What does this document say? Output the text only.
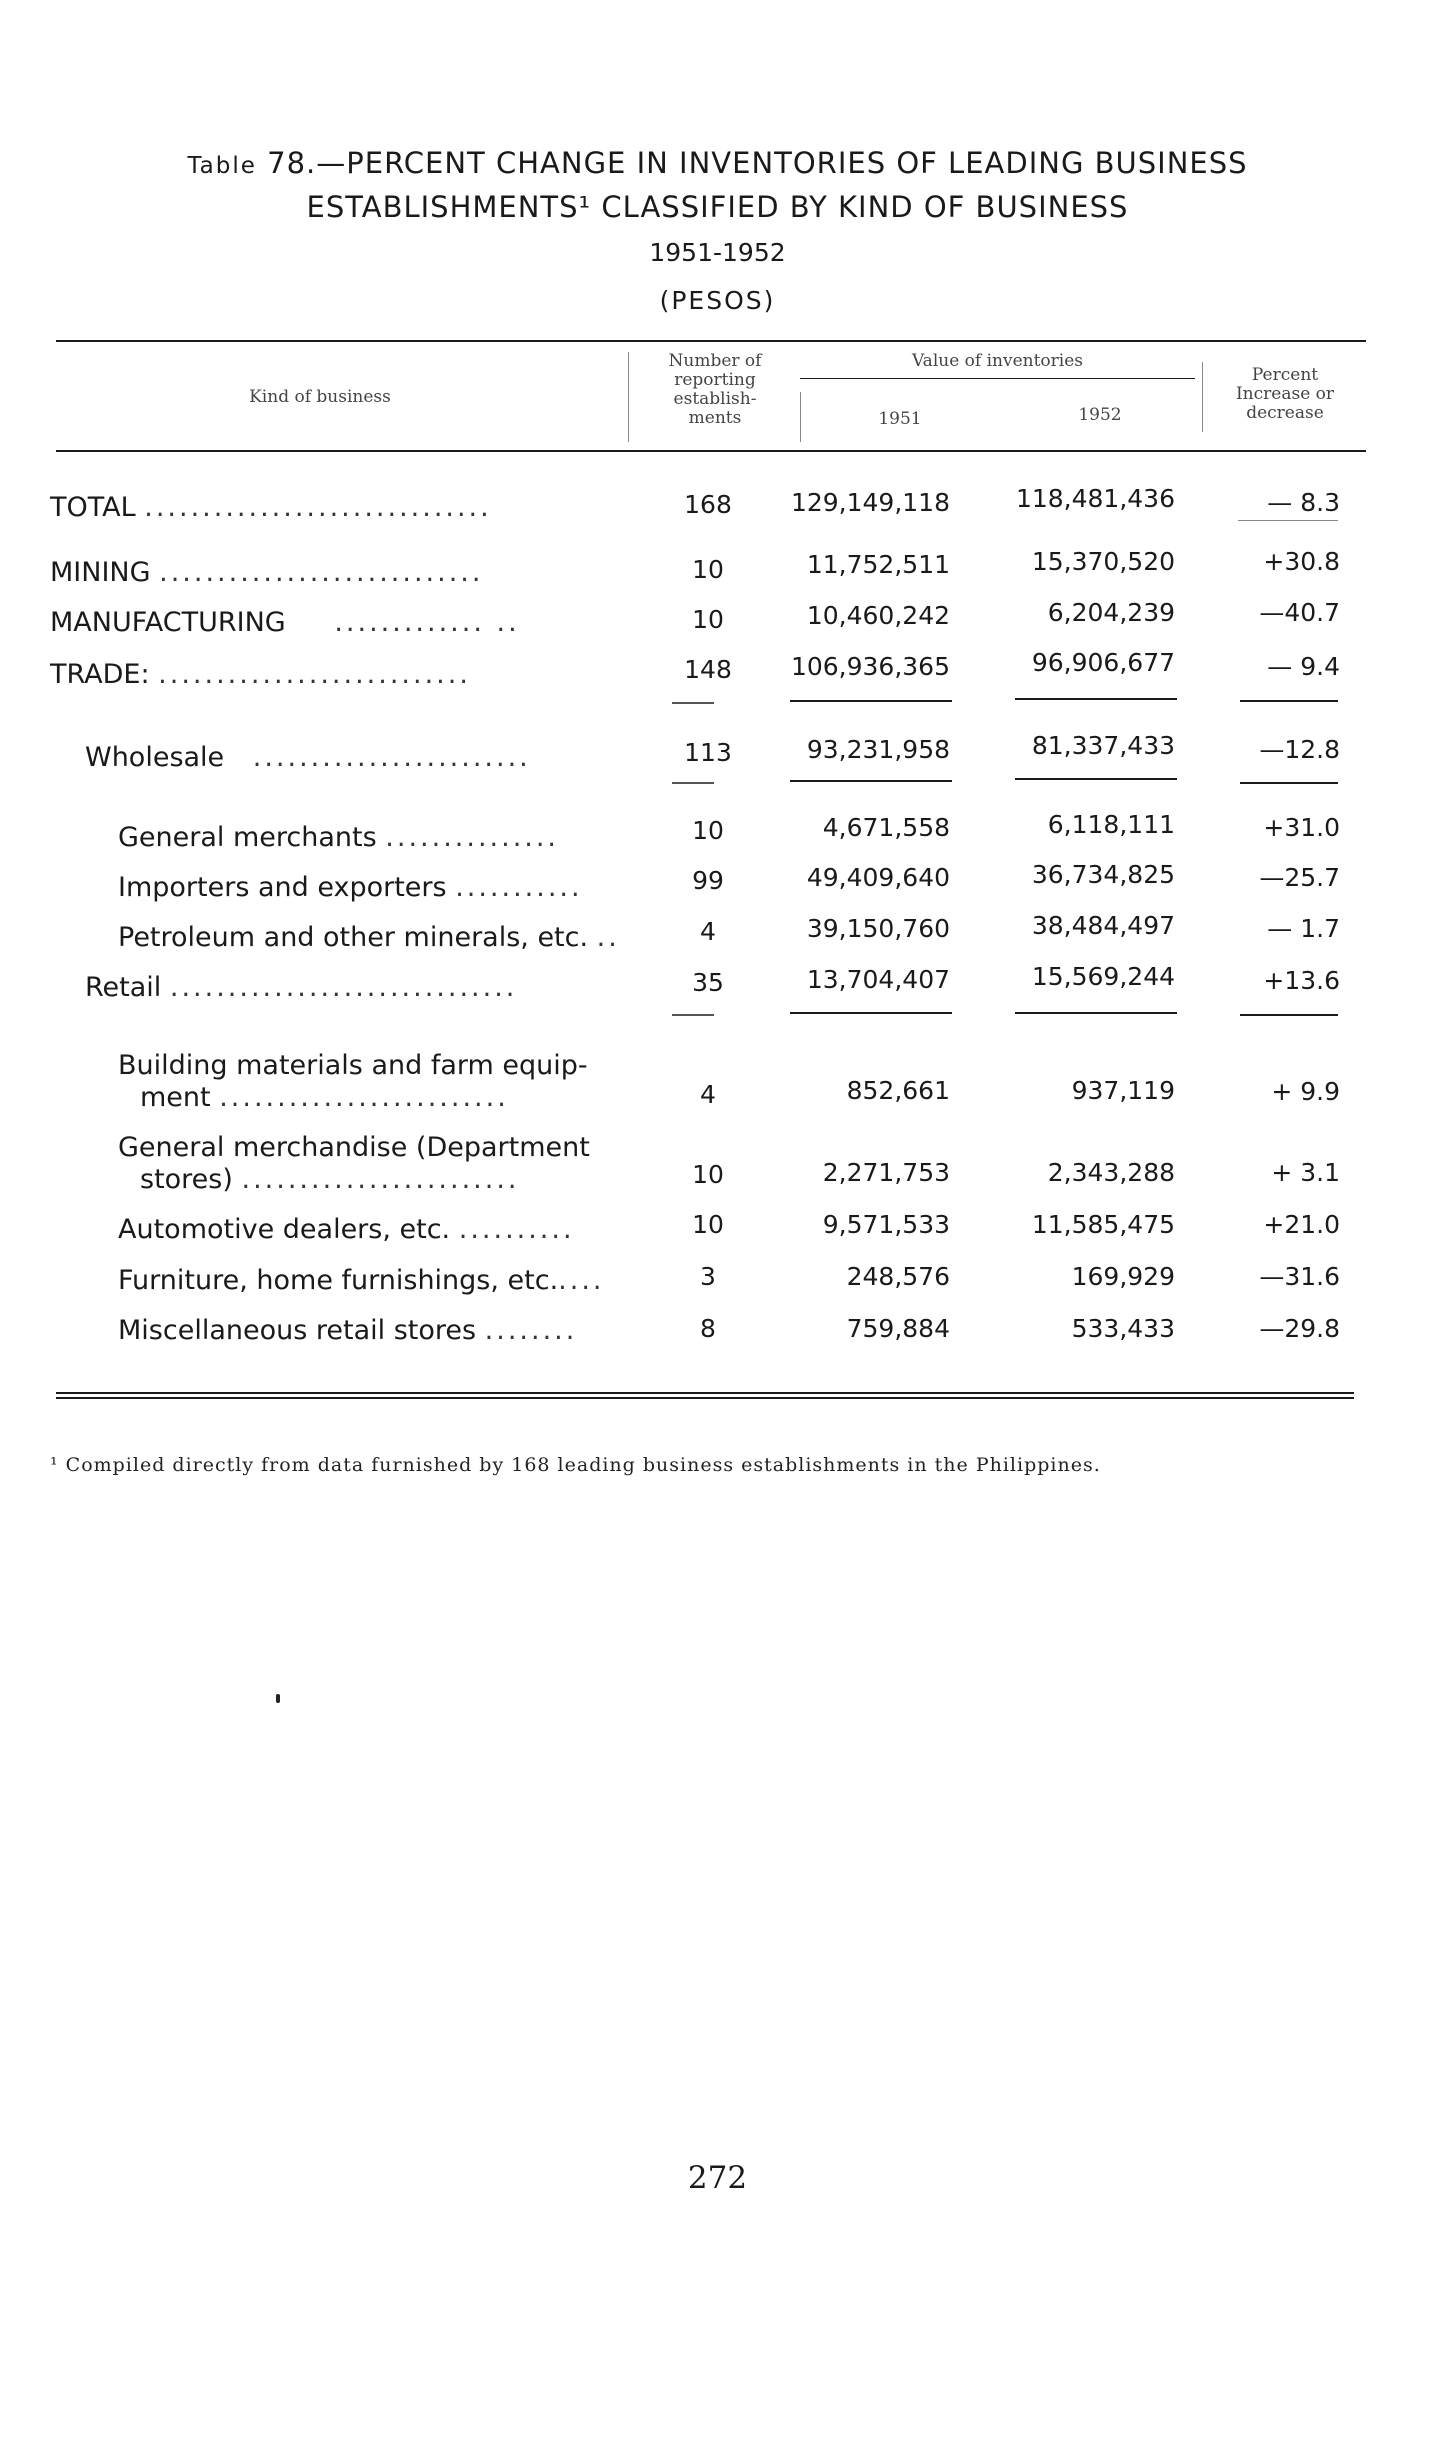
Table 78.—PERCENT CHANGE IN INVENTORIES OF LEADING BUSINESS
ESTABLISHMENTS¹ CLASSIFIED BY KIND OF BUSINESS
1951-1952
(PESOS)
Kind of business
Number of
reporting
establish-
ments
Value of inventories
1951	1952
Percent
Increase or
decrease
TOTAL ..............................	168	129,149,118	118,481,436	— 8.3
MINING ............................	10	11,752,511	15,370,520	+30.8
MANUFACTURING ............. ..	10	10,460,242	6,204,239	—40.7
TRADE: ...........................	148	106,936,365	96,906,677	— 9.4
Wholesale ........................	113	93,231,958	81,337,433	—12.8
General merchants ...............	10	4,671,558	6,118,111	+31.0
Importers and exporters ...........	99	49,409,640	36,734,825	—25.7
Petroleum and other minerals, etc. ..	4	39,150,760	38,484,497	— 1.7
Retail ..............................	35	13,704,407	15,569,244	+13.6
Building materials and farm equip-
ment .........................	4	852,661	937,119	+ 9.9
General merchandise (Department
stores) ........................	10	2,271,753	2,343,288	+ 3.1
Automotive dealers, etc. ..........	10	9,571,533	11,585,475	+21.0
Furniture, home furnishings, etc.....	3	248,576	169,929	—31.6
Miscellaneous retail stores ........	8	759,884	533,433	—29.8
¹ Compiled directly from data furnished by 168 leading business establishments in the Philippines.
272
